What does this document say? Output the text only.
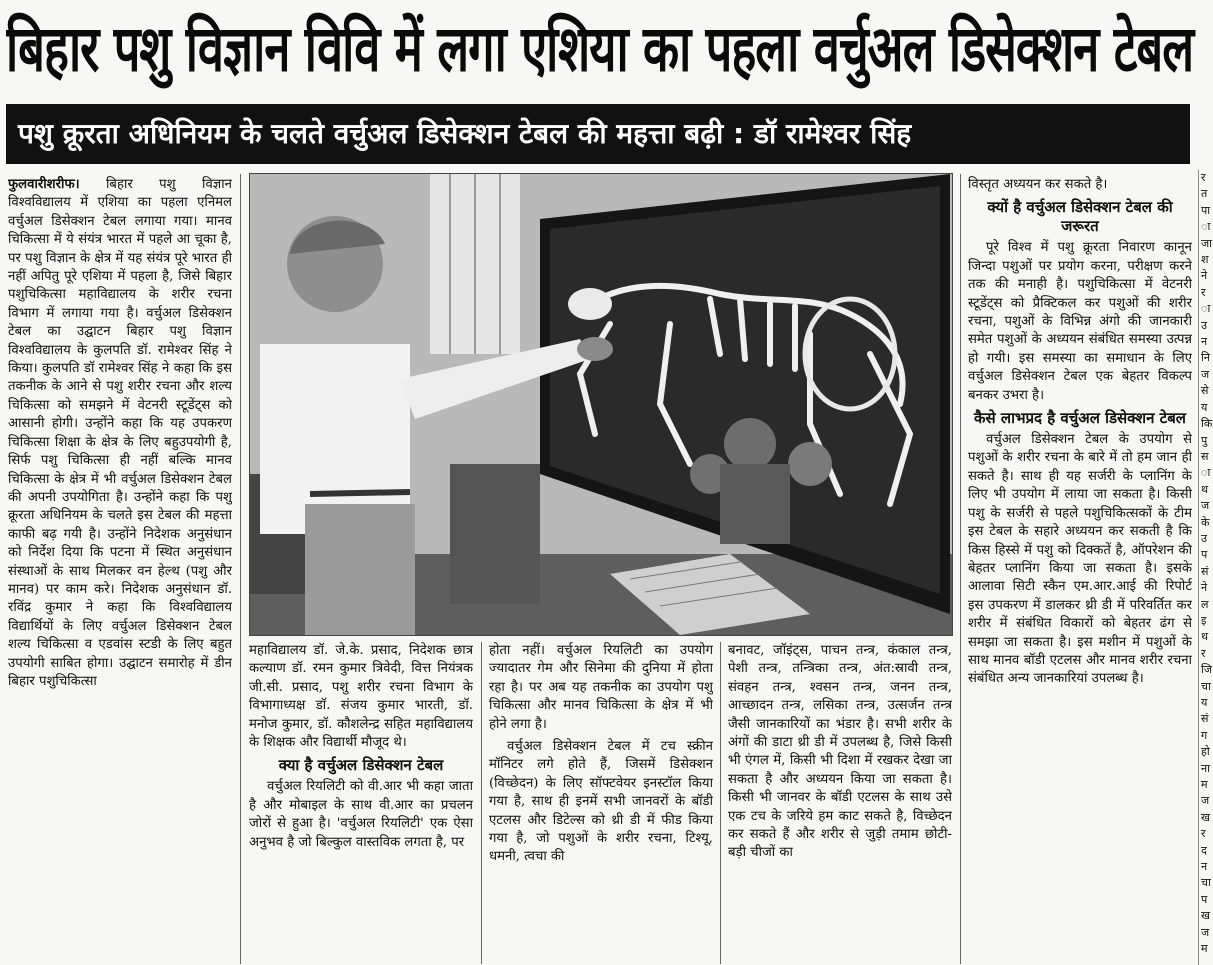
बिहार पशु विज्ञान विवि में लगा एशिया का पहला वर्चुअल डिसेक्शन टेबल
पशु क्रूरता अधिनियम के चलते वर्चुअल डिसेक्शन टेबल की महत्ता बढ़ी : डॉ रामेश्वर सिंह

फुलवारीशरीफ। बिहार पशु विज्ञान विश्वविद्यालय में एशिया का पहला एनिमल वर्चुअल डिसेक्शन टेबल लगाया गया। मानव चिकित्सा में ये संयंत्र भारत में पहले आ चूका है, पर पशु विज्ञान के क्षेत्र में यह संयंत्र पूरे भारत ही नहीं अपितु पूरे एशिया में पहला है, जिसे बिहार पशुचिकित्सा महाविद्यालय के शरीर रचना विभाग में लगाया गया है। वर्चुअल डिसेक्शन टेबल का उद्घाटन बिहार पशु विज्ञान विश्वविद्यालय के कुलपति डॉ. रामेश्वर सिंह ने किया। कुलपति डॉ रामेश्वर सिंह ने कहा कि इस तकनीक के आने से पशु शरीर रचना और शल्य चिकित्सा को समझने में वेटनरी स्टूडेंट्स को आसानी होगी। उन्होंने कहा कि यह उपकरण चिकित्सा शिक्षा के क्षेत्र के लिए बहुउपयोगी है, सिर्फ पशु चिकित्सा ही नहीं बल्कि मानव चिकित्सा के क्षेत्र में भी वर्चुअल डिसेक्शन टेबल की अपनी उपयोगिता है। उन्होंने कहा कि पशु क्रूरता अधिनियम के चलते इस टेबल की महत्ता काफी बढ़ गयी है। उन्होंने निदेशक अनुसंधान को निर्देश दिया कि पटना में स्थित अनुसंधान संस्थाओं के साथ मिलकर वन हेल्थ (पशु और मानव) पर काम करे। निदेशक अनुसंधान डॉ. रविंद्र कुमार ने कहा कि विश्वविद्यालय विद्यार्थियों के लिए वर्चुअल डिसेक्शन टेबल शल्य चिकित्सा व एडवांस स्टडी के लिए बहुत उपयोगी साबित होगा। उद्घाटन समारोह में डीन बिहार पशुचिकित्सा

महाविद्यालय डॉ. जे.के. प्रसाद, निदेशक छात्र कल्याण डॉ. रमन कुमार त्रिवेदी, वित्त नियंत्रक जी.सी. प्रसाद, पशु शरीर रचना विभाग के विभागाध्यक्ष डॉ. संजय कुमार भारती, डॉ. मनोज कुमार, डॉ. कौशलेन्द्र सहित महाविद्यालय के शिक्षक और विद्यार्थी मौजूद थे।

क्या है वर्चुअल डिसेक्शन टेबल

वर्चुअल रियलिटी को वी.आर भी कहा जाता है और मोबाइल के साथ वी.आर का प्रचलन जोरों से हुआ है। 'वर्चुअल रियलिटी' एक ऐसा अनुभव है जो बिल्कुल वास्तविक लगता है, पर

होता नहीं। वर्चुअल रियलिटी का उपयोग ज्यादातर गेम और सिनेमा की दुनिया में होता रहा है। पर अब यह तकनीक का उपयोग पशु चिकित्सा और मानव चिकित्सा के क्षेत्र में भी होने लगा है।

वर्चुअल डिसेक्शन टेबल में टच स्क्रीन मॉनिटर लगे होते हैं, जिसमें डिसेक्शन (विच्छेदन) के लिए सॉफ्टवेयर इनस्टॉल किया गया है, साथ ही इनमें सभी जानवरों के बॉडी एटलस और डिटेल्स को थ्री डी में फीड किया गया है, जो पशुओं के शरीर रचना, टिश्यू, धमनी, त्वचा की

बनावट, जॉइंट्स, पाचन तन्त्र, कंकाल तन्त्र, पेशी तन्त्र, तन्त्रिका तन्त्र, अंत:स्रावी तन्त्र, संवहन तन्त्र, श्वसन तन्त्र, जनन तन्त्र, आच्छादन तन्त्र, लसिका तन्त्र, उत्सर्जन तन्त्र जैसी जानकारियों का भंडार है। सभी शरीर के अंगों की डाटा थ्री डी में उपलब्ध है, जिसे किसी भी एंगल में, किसी भी दिशा में रखकर देखा जा सकता है और अध्ययन किया जा सकता है। किसी भी जानवर के बॉडी एटलस के साथ उसे एक टच के जरिये हम काट सकते है, विच्छेदन कर सकते हैं और शरीर से जुड़ी तमाम छोटी-बड़ी चीजों का

विस्तृत अध्ययन कर सकते है।

क्यों है वर्चुअल डिसेक्शन टेबल की जरूरत

पूरे विश्व में पशु क्रूरता निवारण कानून जिन्दा पशुओं पर प्रयोग करना, परीक्षण करने तक की मनाही है। पशुचिकित्सा में वेटनरी स्टूडेंट्स को प्रैक्टिकल कर पशुओं की शरीर रचना, पशुओं के विभिन्न अंगो की जानकारी समेत पशुओं के अध्ययन संबंधित समस्या उत्पन्न हो गयी। इस समस्या का समाधान के लिए वर्चुअल डिसेक्शन टेबल एक बेहतर विकल्प बनकर उभरा है।

कैसे लाभप्रद है वर्चुअल डिसेक्शन टेबल

वर्चुअल डिसेक्शन टेबल के उपयोग से पशुओं के शरीर रचना के बारे में तो हम जान ही सकते है। साथ ही यह सर्जरी के प्लानिंग के लिए भी उपयोग में लाया जा सकता है। किसी पशु के सर्जरी से पहले पशुचिकित्सकों के टीम इस टेबल के सहारे अध्ययन कर सकती है कि किस हिस्से में पशु को दिक्कतें है, ऑपरेशन की बेहतर प्लानिंग किया जा सकता है। इसके आलावा सिटी स्कैन एम.आर.आई की रिपोर्ट इस उपकरण में डालकर थ्री डी में परिवर्तित कर शरीर में संबंधित विकारों को बेहतर ढंग से समझा जा सकता है। इस मशीन में पशुओं के साथ मानव बॉडी एटलस और मानव शरीर रचना संबंधित अन्य जानकारियां उपलब्ध है।

र
त
पा
ा
जा
श
ने
र
ा
उ
न
नि
ज
से
य
कि
पु
स
ा
थ
ज
के
उ
प
सं
ने
ल
इ
थ
र
जि
चा
य
सं
ग
हो
ना
म
ज
ख
र
द
न
चा
प
ख
ज
म
